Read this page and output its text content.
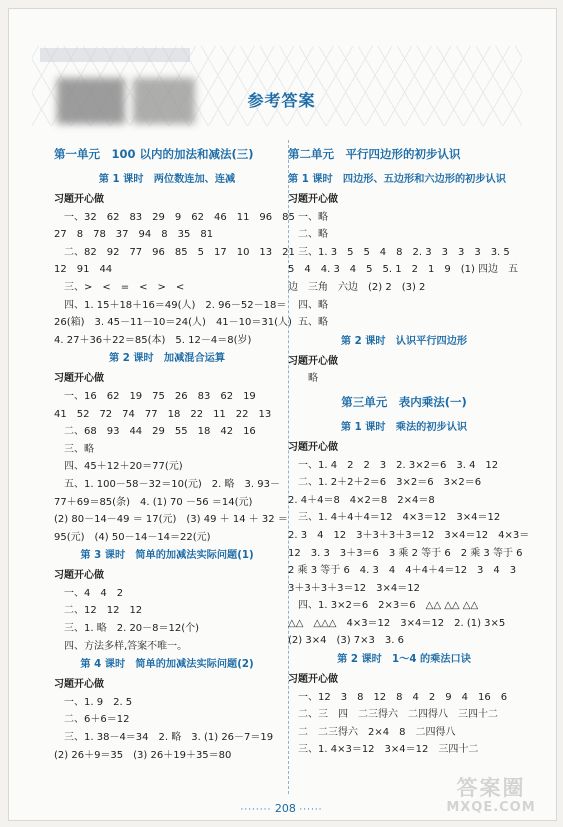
参考答案
第一单元　100 以内的加法和减法(三)
第 1 课时　两位数连加、连减
习题开心做
　一、32　62　83　29　9　62　46　11　96　85
27　8　78　37　94　8　35　81
　二、82　92　77　96　85　5　17　10　13　21
12　91　44
　三、>　<　=　<　>　<
　四、1. 15＋18＋16＝49(人)　2. 96－52－18＝
26(箱)　3. 45－11－10＝24(人)　41－10＝31(人)
4. 27＋36＋22＝85(本)　5. 12－4＝8(岁)
第 2 课时　加减混合运算
习题开心做
　一、16　62　19　75　26　83　62　19
41　52　72　74　77　18　22　11　22　13
　二、68　93　44　29　55　18　42　16
　三、略
　四、45＋12＋20＝77(元)
　五、1. 100－58－32＝10(元)　2. 略　3. 93－
77＋69＝85(条)　4. (1) 70 －56 ＝14(元)
(2) 80－14－49 ＝ 17(元)　(3) 49 ＋ 14 ＋ 32 ＝
95(元)　(4) 50－14－14＝22(元)
第 3 课时　简单的加减法实际问题(1)
习题开心做
　一、4　4　2
　二、12　12　12
　三、1. 略　2. 20－8＝12(个)
　四、方法多样,答案不唯一。
第 4 课时　简单的加减法实际问题(2)
习题开心做
　一、1. 9　2. 5
　二、6＋6＝12
　三、1. 38－4＝34　2. 略　3. (1) 26－7＝19
(2) 26＋9＝35　(3) 26＋19＋35＝80
第二单元　平行四边形的初步认识
第 1 课时　四边形、五边形和六边形的初步认识
习题开心做
　一、略
　二、略
　三、1. 3　5　5　4　8　2. 3　3　3　3　3. 5
5　4　4. 3　4　5　5. 1　2　1　9　(1) 四边　五
边　三角　六边　(2) 2　(3) 2
　四、略
　五、略
第 2 课时　认识平行四边形
习题开心做
　　略
第三单元　表内乘法(一)
第 1 课时　乘法的初步认识
习题开心做
　一、1. 4　2　2　3　2. 3×2＝6　3. 4　12
　二、1. 2＋2＋2＝6　3×2＝6　3×2＝6
2. 4＋4＝8　4×2＝8　2×4＝8
　三、1. 4＋4＋4＝12　4×3＝12　3×4＝12
2. 3　4　12　3＋3＋3＋3＝12　3×4＝12　4×3＝
12　3. 3　3＋3＝6　3 乘 2 等于 6　2 乘 3 等于 6
2 乘 3 等于 6　4. 3　4　4＋4＋4＝12　3　4　3
3＋3＋3＋3＝12　3×4＝12
　四、1. 3×2＝6　2×3＝6　△△ △△ △△
△△　△△△　4×3＝12　3×4＝12　2. (1) 3×5
(2) 3×4　(3) 7×3　3. 6
第 2 课时　1～4 的乘法口诀
习题开心做
　一、12　3　8　12　8　4　2　9　4　16　6
　二、三　四　二三得六　二四得八　三四十二
　二　二三得六　2×4　8　二四得八
　三、1. 4×3＝12　3×4＝12　三四十二
········ 208 ······
答案圈
MXQE.COM
